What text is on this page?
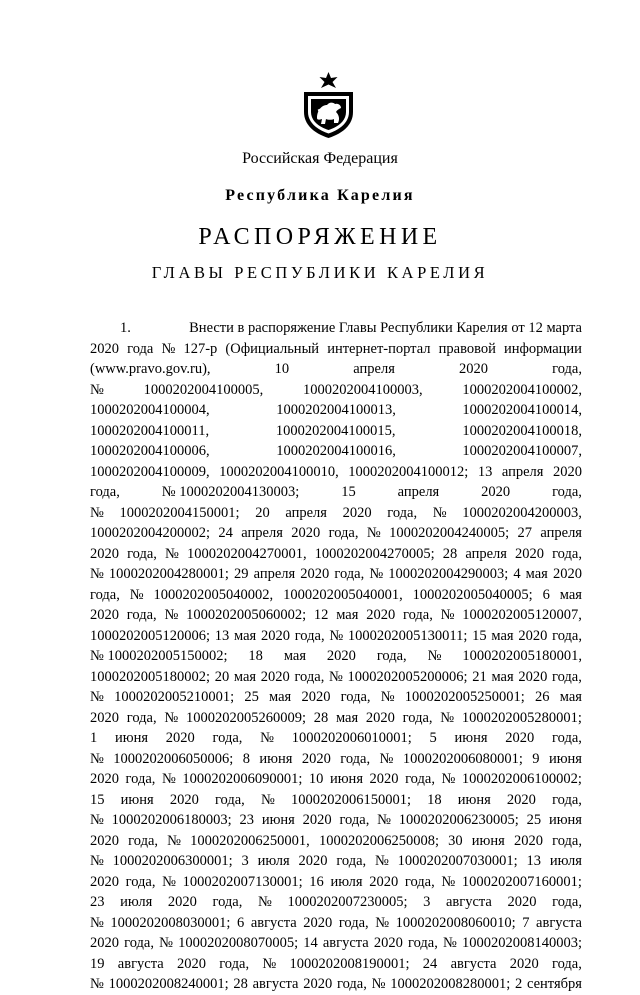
Российская Федерация
Республика Карелия
РАСПОРЯЖЕНИЕ
ГЛАВЫ РЕСПУБЛИКИ КАРЕЛИЯ
1.	Внести в распоряжение Главы Республики Карелия от 12 марта
2020 года № 127-р (Официальный интернет-портал правовой информации
(www.pravo.gov.ru),	10	апреля	2020	года,
№	1000202004100005,	1000202004100003,	1000202004100002,
1000202004100004,	1000202004100013,	1000202004100014,
1000202004100011,	1000202004100015,	1000202004100018,
1000202004100006,	1000202004100016,	1000202004100007,
1000202004100009, 1000202004100010, 1000202004100012; 13 апреля 2020
года,	№ 1000202004130003;	15	апреля	2020	года,
№ 1000202004150001; 20 апреля 2020 года, № 1000202004200003,
1000202004200002; 24 апреля 2020 года, № 1000202004240005; 27 апреля
2020 года, № 1000202004270001, 1000202004270005; 28 апреля 2020 года,
№ 1000202004280001; 29 апреля 2020 года, № 1000202004290003; 4 мая 2020
года, № 1000202005040002, 1000202005040001, 1000202005040005; 6 мая
2020 года, № 1000202005060002; 12 мая 2020 года, № 1000202005120007,
1000202005120006; 13 мая 2020 года, № 1000202005130011; 15 мая 2020 года,
№ 1000202005150002; 18 мая 2020 года, № 1000202005180001,
1000202005180002; 20 мая 2020 года, № 1000202005200006; 21 мая 2020 года,
№ 1000202005210001; 25 мая 2020 года, № 1000202005250001; 26 мая
2020 года, № 1000202005260009; 28 мая 2020 года, № 1000202005280001;
1 июня 2020 года, № 1000202006010001; 5 июня 2020 года,
№ 1000202006050006; 8 июня 2020 года, № 1000202006080001; 9 июня
2020 года, № 1000202006090001; 10 июня 2020 года, № 1000202006100002;
15 июня 2020 года, № 1000202006150001; 18 июня 2020 года,
№ 1000202006180003; 23 июня 2020 года, № 1000202006230005; 25 июня
2020 года, № 1000202006250001, 1000202006250008; 30 июня 2020 года,
№ 1000202006300001; 3 июля 2020 года, № 1000202007030001; 13 июля
2020 года, № 1000202007130001; 16 июля 2020 года, № 1000202007160001;
23 июля 2020 года, № 1000202007230005; 3 августа 2020 года,
№ 1000202008030001; 6 августа 2020 года, № 1000202008060010; 7 августа
2020 года, № 1000202008070005; 14 августа 2020 года, № 1000202008140003;
19 августа 2020 года, № 1000202008190001; 24 августа 2020 года,
№ 1000202008240001; 28 августа 2020 года, № 1000202008280001; 2 сентября
